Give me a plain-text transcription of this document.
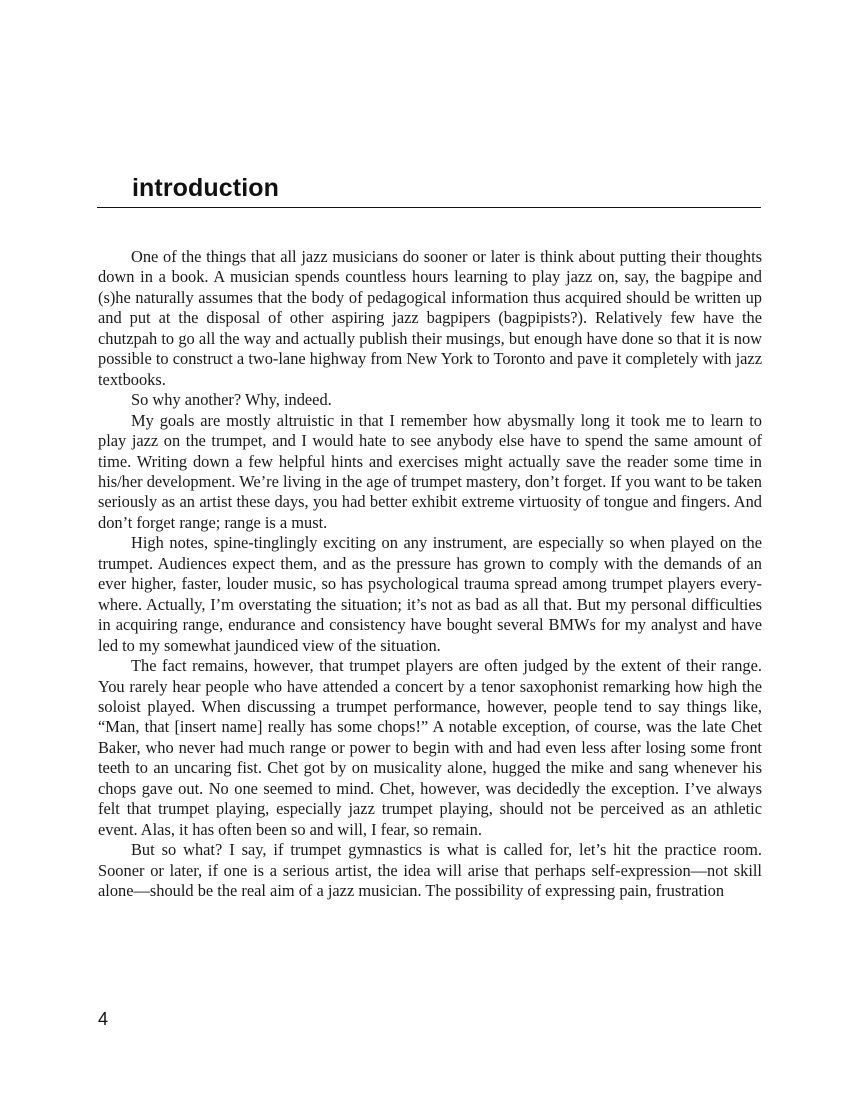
introduction

One of the things that all jazz musicians do sooner or later is think about putting their thoughts down in a book. A musician spends countless hours learning to play jazz on, say, the bagpipe and (s)he naturally assumes that the body of pedagogical information thus acquired should be written up and put at the disposal of other aspiring jazz bagpipers (bagpipists?). Relatively few have the chutzpah to go all the way and actually publish their musings, but enough have done so that it is now possible to construct a two-lane highway from New York to Toronto and pave it completely with jazz textbooks.

So why another? Why, indeed.

My goals are mostly altruistic in that I remember how abysmally long it took me to learn to play jazz on the trumpet, and I would hate to see anybody else have to spend the same amount of time. Writing down a few helpful hints and exercises might actually save the reader some time in his/her development. We’re living in the age of trumpet mastery, don’t forget. If you want to be taken seriously as an artist these days, you had better exhibit extreme virtuosity of tongue and fingers. And don’t forget range; range is a must.

High notes, spine-tinglingly exciting on any instrument, are especially so when played on the trumpet. Audiences expect them, and as the pressure has grown to comply with the demands of an ever higher, faster, louder music, so has psychological trauma spread among trumpet players everywhere. Actually, I’m overstating the situation; it’s not as bad as all that. But my personal difficulties in acquiring range, endurance and consistency have bought several BMWs for my analyst and have led to my somewhat jaundiced view of the situation.

The fact remains, however, that trumpet players are often judged by the extent of their range. You rarely hear people who have attended a concert by a tenor saxophonist remarking how high the soloist played. When discussing a trumpet performance, however, people tend to say things like, “Man, that [insert name] really has some chops!” A notable exception, of course, was the late Chet Baker, who never had much range or power to begin with and had even less after losing some front teeth to an uncaring fist. Chet got by on musicality alone, hugged the mike and sang whenever his chops gave out. No one seemed to mind. Chet, however, was decidedly the exception. I’ve always felt that trumpet playing, especially jazz trumpet playing, should not be perceived as an athletic event. Alas, it has often been so and will, I fear, so remain.

But so what? I say, if trumpet gymnastics is what is called for, let’s hit the practice room. Sooner or later, if one is a serious artist, the idea will arise that perhaps self-expression—not skill alone—should be the real aim of a jazz musician. The possibility of expressing pain, frustration

4
